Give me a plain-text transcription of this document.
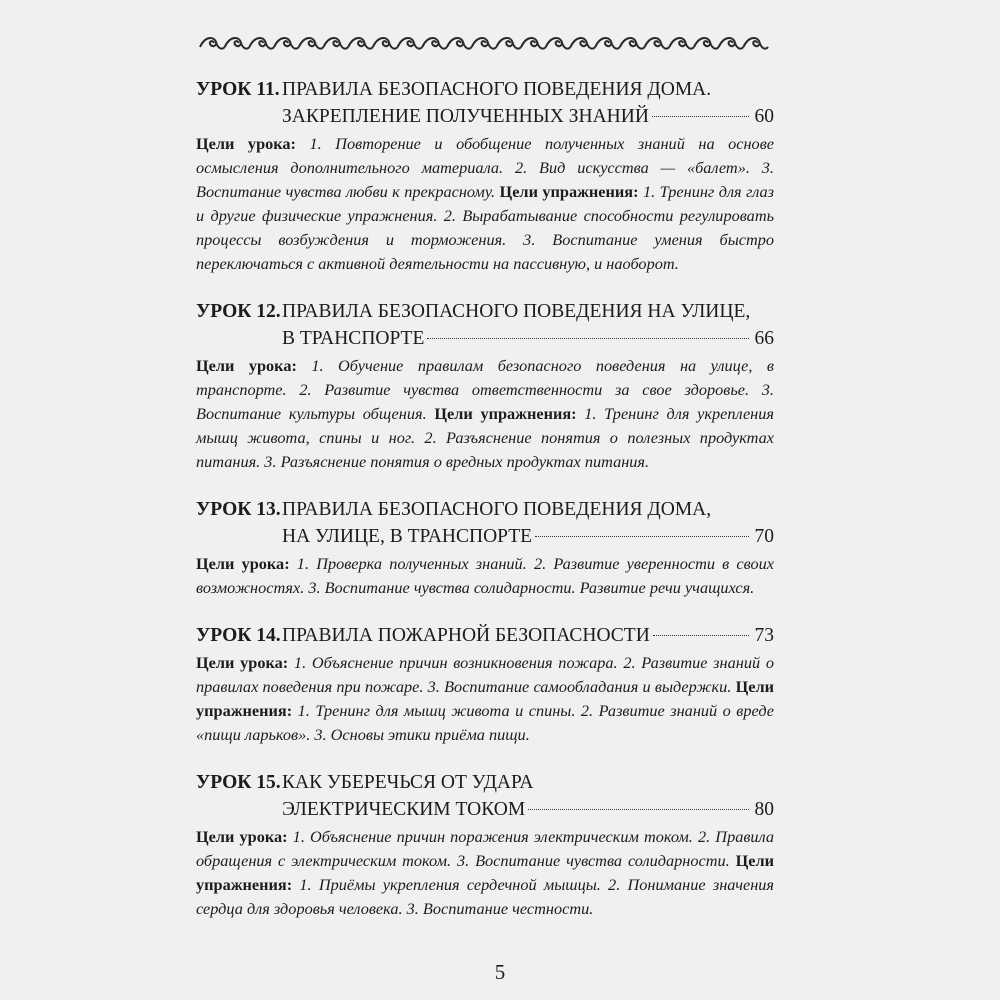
УРОК 11. ПРАВИЛА БЕЗОПАСНОГО ПОВЕДЕНИЯ ДОМА.
ЗАКРЕПЛЕНИЕ ПОЛУЧЕННЫХ ЗНАНИЙ	60
Цели урока: 1. Повторение и обобщение полученных знаний на основе осмысления дополнительного материала. 2. Вид искусства — «балет». 3. Воспитание чувства любви к прекрасному. Цели упражнения: 1. Тренинг для глаз и другие физические упражнения. 2. Вырабатывание способности регулировать процессы возбуждения и торможения. 3. Воспитание умения быстро переключаться с активной деятельности на пассивную, и наоборот.
УРОК 12. ПРАВИЛА БЕЗОПАСНОГО ПОВЕДЕНИЯ НА УЛИЦЕ,
В ТРАНСПОРТЕ	66
Цели урока: 1. Обучение правилам безопасного поведения на улице, в транспорте. 2. Развитие чувства ответственности за свое здоровье. 3. Воспитание культуры общения. Цели упражнения: 1. Тренинг для укрепления мышц живота, спины и ног. 2. Разъяснение понятия о полезных продуктах питания. 3. Разъяснение понятия о вредных продуктах питания.
УРОК 13. ПРАВИЛА БЕЗОПАСНОГО ПОВЕДЕНИЯ ДОМА,
НА УЛИЦЕ, В ТРАНСПОРТЕ	70
Цели урока: 1. Проверка полученных знаний. 2. Развитие уверенности в своих возможностях. 3. Воспитание чувства солидарности. Развитие речи учащихся.
УРОК 14. ПРАВИЛА ПОЖАРНОЙ БЕЗОПАСНОСТИ	73
Цели урока: 1. Объяснение причин возникновения пожара. 2. Развитие знаний о правилах поведения при пожаре. 3. Воспитание самообладания и выдержки. Цели упражнения: 1. Тренинг для мышц живота и спины. 2. Развитие знаний о вреде «пищи ларьков». 3. Основы этики приёма пищи.
УРОК 15. КАК УБЕРЕЧЬСЯ ОТ УДАРА
ЭЛЕКТРИЧЕСКИМ ТОКОМ	80
Цели урока: 1. Объяснение причин поражения электрическим током. 2. Правила обращения с электрическим током. 3. Воспитание чувства солидарности. Цели упражнения: 1. Приёмы укрепления сердечной мышцы. 2. Понимание значения сердца для здоровья человека. 3. Воспитание честности.
5
